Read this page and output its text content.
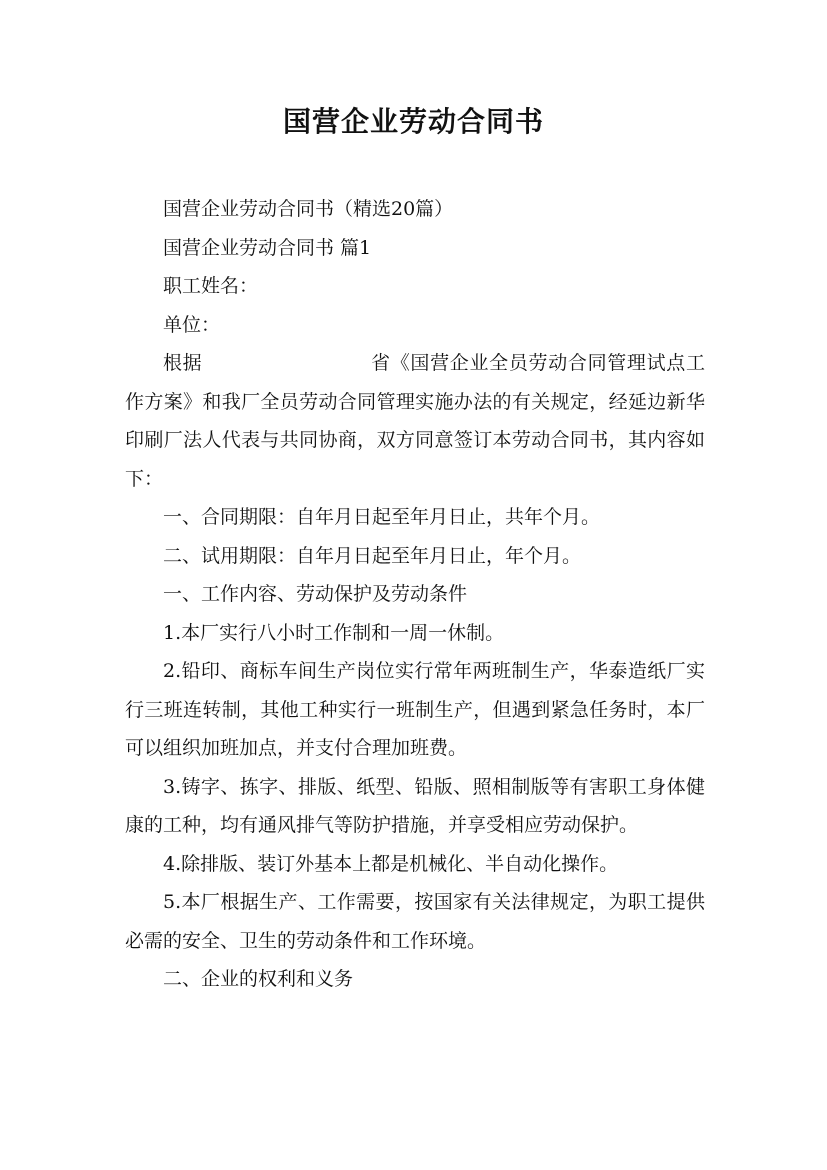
国营企业劳动合同书

国营企业劳动合同书（精选20篇）

国营企业劳动合同书 篇1

职工姓名：

单位：

根据	省《国营企业全员劳动合同管理试点工作方案》和我厂全员劳动合同管理实施办法的有关规定，经延边新华印刷厂法人代表与共同协商，双方同意签订本劳动合同书，其内容如下：

一、合同期限：自年月日起至年月日止，共年个月。

二、试用期限：自年月日起至年月日止，年个月。

一、工作内容、劳动保护及劳动条件

1.本厂实行八小时工作制和一周一休制。

2.铅印、商标车间生产岗位实行常年两班制生产，华泰造纸厂实行三班连转制，其他工种实行一班制生产，但遇到紧急任务时，本厂可以组织加班加点，并支付合理加班费。

3.铸字、拣字、排版、纸型、铅版、照相制版等有害职工身体健康的工种，均有通风排气等防护措施，并享受相应劳动保护。

4.除排版、装订外基本上都是机械化、半自动化操作。

5.本厂根据生产、工作需要，按国家有关法律规定，为职工提供必需的安全、卫生的劳动条件和工作环境。

二、企业的权利和义务
